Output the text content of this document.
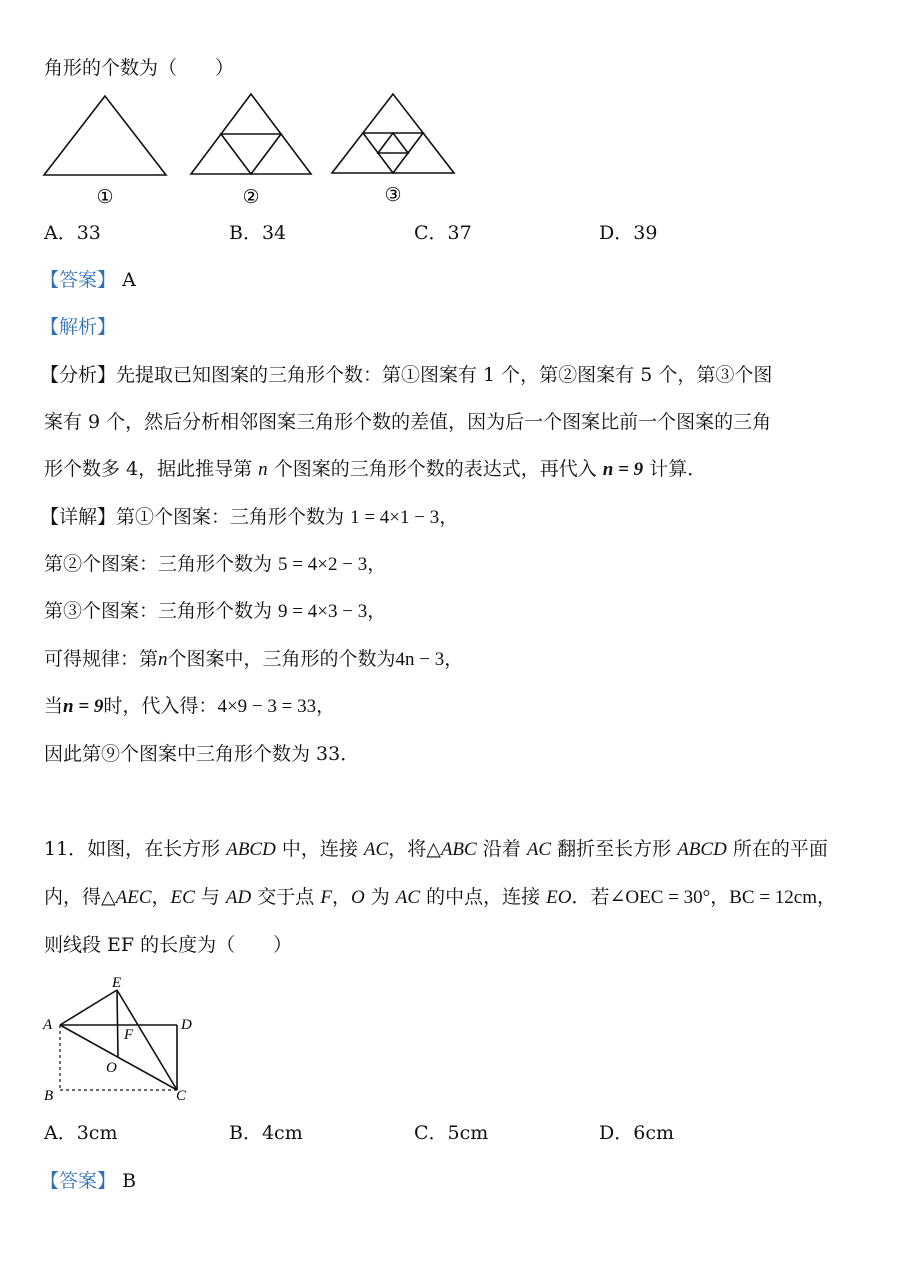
角形的个数为（　　）
①	②	③
A．33	B．34	C．37	D．39
【答案】 A
【解析】
【分析】先提取已知图案的三角形个数：第①图案有 1 个，第②图案有 5 个，第③个图
案有 9 个，然后分析相邻图案三角形个数的差值，因为后一个图案比前一个图案的三角
形个数多 4，据此推导第 n 个图案的三角形个数的表达式，再代入 n = 9 计算．
【详解】第①个图案：三角形个数为 1 = 4×1 − 3，
第②个图案：三角形个数为 5 = 4×2 − 3，
第③个图案：三角形个数为 9 = 4×3 − 3，
可得规律：第n个图案中，三角形的个数为4n − 3，
当n = 9时，代入得：4×9 − 3 = 33，
因此第⑨个图案中三角形个数为 33．
11．如图，在长方形 ABCD 中，连接 AC，将△ABC 沿着 AC 翻折至长方形 ABCD 所在的平面
内，得△AEC，EC 与 AD 交于点 F，O 为 AC 的中点，连接 EO．若∠OEC = 30°，BC = 12cm，
则线段 EF 的长度为（　　）
E
A	D
F
O
B	C
A．3cm	B．4cm	C．5cm	D．6cm
【答案】 B
